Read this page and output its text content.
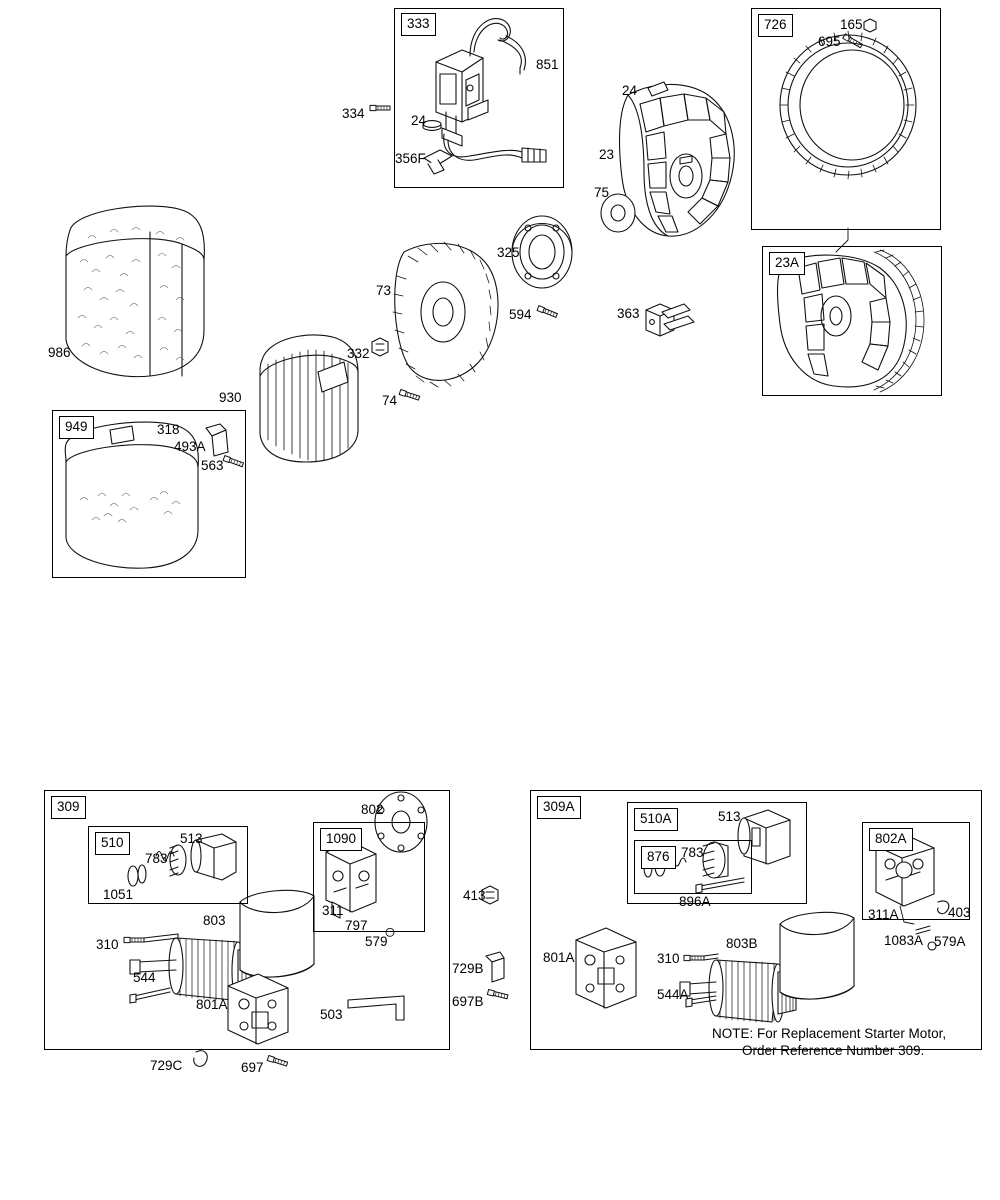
333
851
334	24
356F
24
23
75
726	165
695
23A
325
73
594	363
332
74
986
930
949	318
493A
563
309	802
510	513	1090
783
1051
803
311
797
579
310
544
801A
503
729C	697
413
729B
697B
309A
510A	513
876 783
802A
896A
311A	403
1083A 579A
801A	310
803B
544A
NOTE: For Replacement Starter Motor,
Order Reference Number 309.
